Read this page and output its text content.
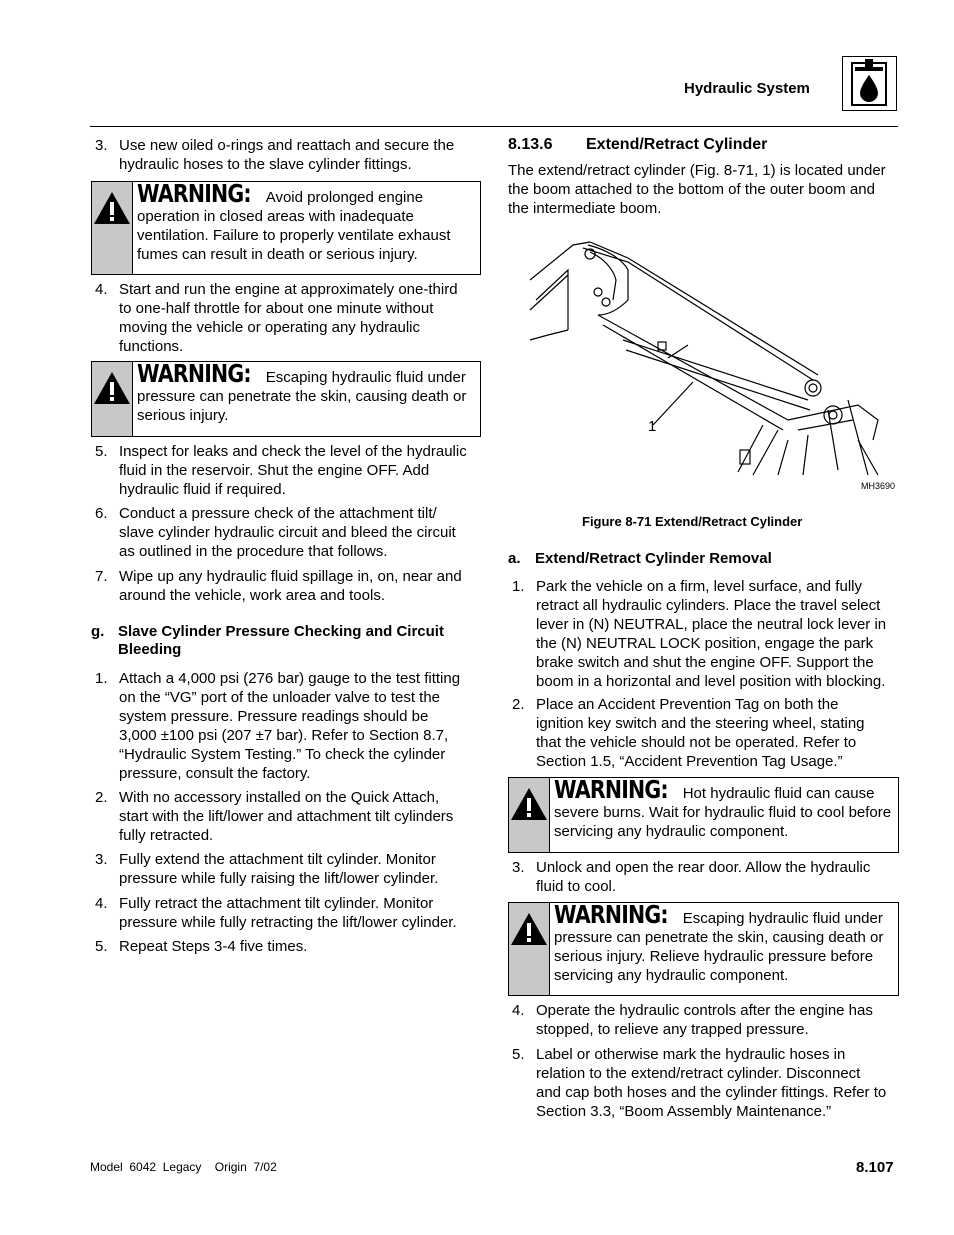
Hydraulic System
3. Use new oiled o-rings and reattach and secure the
hydraulic hoses to the slave cylinder fittings.
WARNING: Avoid prolonged engine operation in closed areas with inadequate ventilation. Failure to properly ventilate exhaust fumes can result in death or serious injury.
4. Start and run the engine at approximately one-third
to one-half throttle for about one minute without
moving the vehicle or operating any hydraulic
functions.
WARNING: Escaping hydraulic fluid under pressure can penetrate the skin, causing death or serious injury.
5. Inspect for leaks and check the level of the hydraulic
fluid in the reservoir. Shut the engine OFF. Add
hydraulic fluid if required.
6. Conduct a pressure check of the attachment tilt/
slave cylinder hydraulic circuit and bleed the circuit
as outlined in the procedure that follows.
7. Wipe up any hydraulic fluid spillage in, on, near and
around the vehicle, work area and tools.
g. Slave Cylinder Pressure Checking and Circuit
Bleeding
1. Attach a 4,000 psi (276 bar) gauge to the test fitting
on the “VG” port of the unloader valve to test the
system pressure. Pressure readings should be
3,000 ±100 psi (207 ±7 bar). Refer to Section 8.7,
“Hydraulic System Testing.” To check the cylinder
pressure, consult the factory.
2. With no accessory installed on the Quick Attach,
start with the lift/lower and attachment tilt cylinders
fully retracted.
3. Fully extend the attachment tilt cylinder. Monitor
pressure while fully raising the lift/lower cylinder.
4. Fully retract the attachment tilt cylinder. Monitor
pressure while fully retracting the lift/lower cylinder.
5. Repeat Steps 3-4 five times.
8.13.6 Extend/Retract Cylinder
The extend/retract cylinder (Fig. 8-71, 1) is located under
the boom attached to the bottom of the outer boom and
the intermediate boom.
1
MH3690
Figure 8-71 Extend/Retract Cylinder
a. Extend/Retract Cylinder Removal
1. Park the vehicle on a firm, level surface, and fully
retract all hydraulic cylinders. Place the travel select
lever in (N) NEUTRAL, place the neutral lock lever in
the (N) NEUTRAL LOCK position, engage the park
brake switch and shut the engine OFF. Support the
boom in a horizontal and level position with blocking.
2. Place an Accident Prevention Tag on both the
ignition key switch and the steering wheel, stating
that the vehicle should not be operated. Refer to
Section 1.5, “Accident Prevention Tag Usage.”
WARNING: Hot hydraulic fluid can cause severe burns. Wait for hydraulic fluid to cool before servicing any hydraulic component.
3. Unlock and open the rear door. Allow the hydraulic
fluid to cool.
WARNING: Escaping hydraulic fluid under pressure can penetrate the skin, causing death or serious injury. Relieve hydraulic pressure before servicing any hydraulic component.
4. Operate the hydraulic controls after the engine has
stopped, to relieve any trapped pressure.
5. Label or otherwise mark the hydraulic hoses in
relation to the extend/retract cylinder. Disconnect
and cap both hoses and the cylinder fittings. Refer to
Section 3.3, “Boom Assembly Maintenance.”
Model  6042  Legacy    Origin  7/02	8.107
